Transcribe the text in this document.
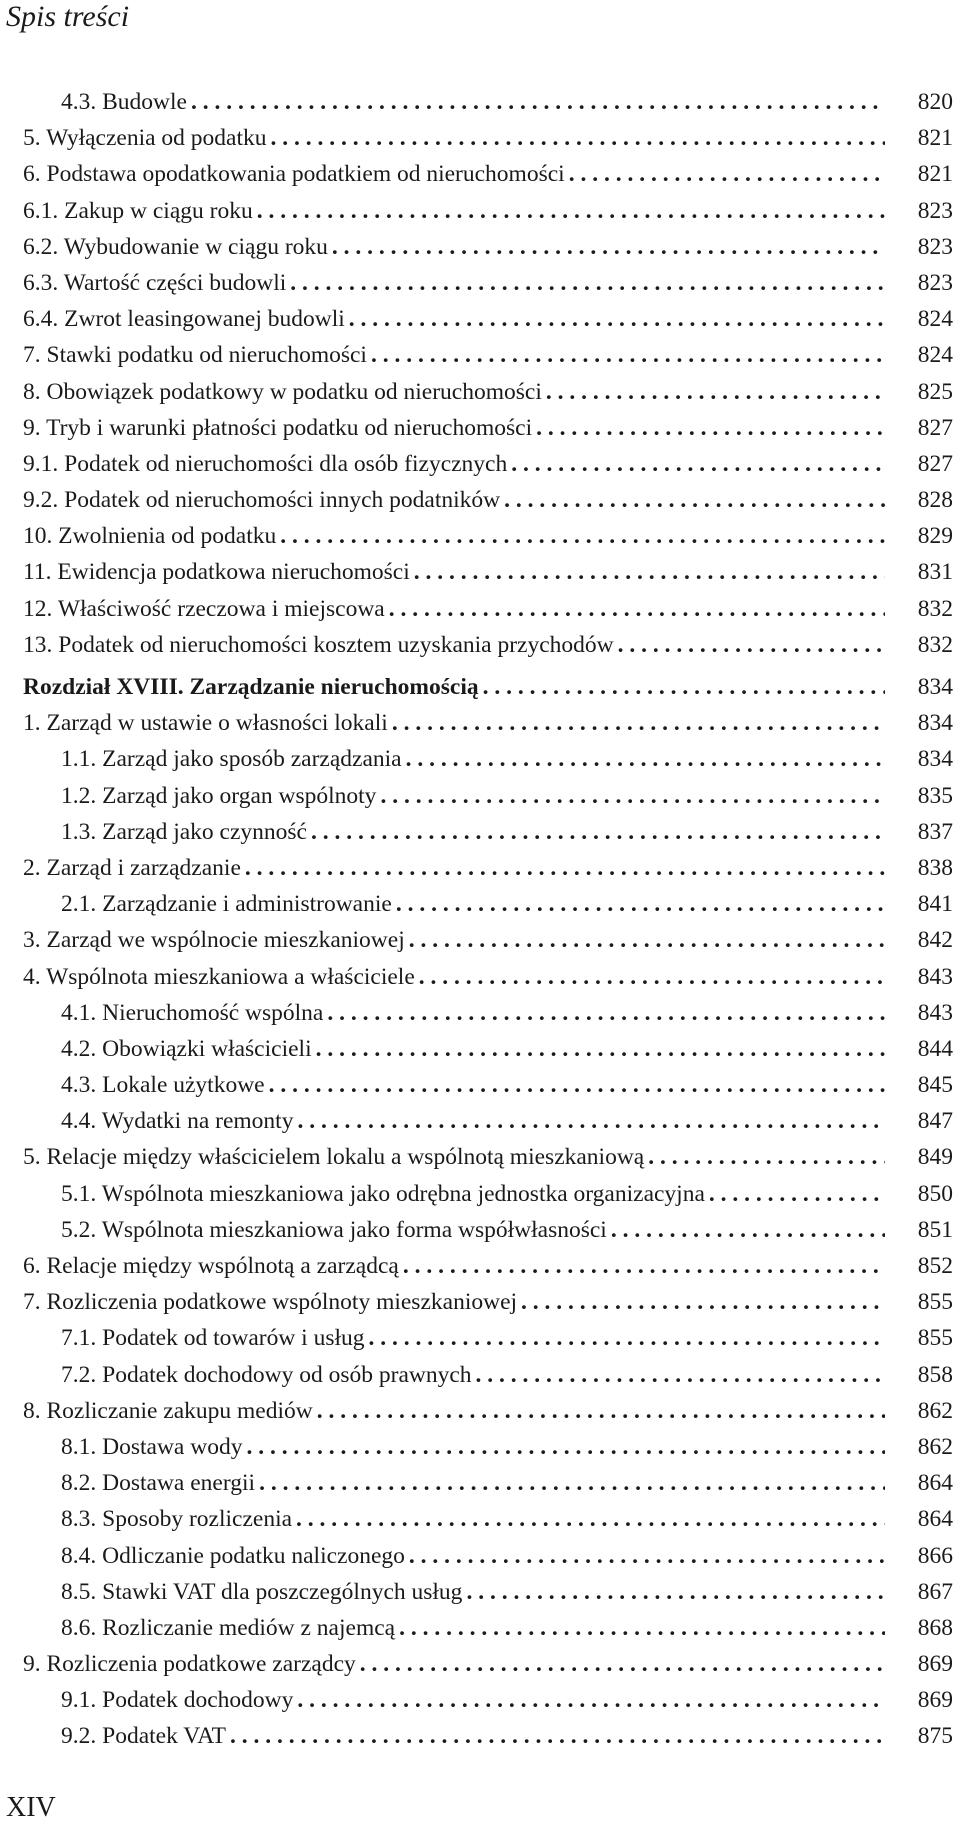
Spis treści
4.3. Budowle . . .	820
5. Wyłączenia od podatku . . .	821
6. Podstawa opodatkowania podatkiem od nieruchomości . . .	821
6.1. Zakup w ciągu roku . . .	823
6.2. Wybudowanie w ciągu roku . . .	823
6.3. Wartość części budowli . . .	823
6.4. Zwrot leasingowanej budowli . . .	824
7. Stawki podatku od nieruchomości . . .	824
8. Obowiązek podatkowy w podatku od nieruchomości . . .	825
9. Tryb i warunki płatności podatku od nieruchomości . . .	827
9.1. Podatek od nieruchomości dla osób fizycznych . . .	827
9.2. Podatek od nieruchomości innych podatników . . .	828
10. Zwolnienia od podatku . . .	829
11. Ewidencja podatkowa nieruchomości . . .	831
12. Właściwość rzeczowa i miejscowa . . .	832
13. Podatek od nieruchomości kosztem uzyskania przychodów . . .	832
Rozdział XVIII. Zarządzanie nieruchomością . . .	834
1. Zarząd w ustawie o własności lokali . . .	834
1.1. Zarząd jako sposób zarządzania . . .	834
1.2. Zarząd jako organ wspólnoty . . .	835
1.3. Zarząd jako czynność . . .	837
2. Zarząd i zarządzanie . . .	838
2.1. Zarządzanie i administrowanie . . .	841
3. Zarząd we wspólnocie mieszkaniowej . . .	842
4. Wspólnota mieszkaniowa a właściciele . . .	843
4.1. Nieruchomość wspólna . . .	843
4.2. Obowiązki właścicieli . . .	844
4.3. Lokale użytkowe . . .	845
4.4. Wydatki na remonty . . .	847
5. Relacje między właścicielem lokalu a wspólnotą mieszkaniową . . .	849
5.1. Wspólnota mieszkaniowa jako odrębna jednostka organizacyjna . . .	850
5.2. Wspólnota mieszkaniowa jako forma współwłasności . . .	851
6. Relacje między wspólnotą a zarządcą . . .	852
7. Rozliczenia podatkowe wspólnoty mieszkaniowej . . .	855
7.1. Podatek od towarów i usług . . .	855
7.2. Podatek dochodowy od osób prawnych . . .	858
8. Rozliczanie zakupu mediów . . .	862
8.1. Dostawa wody . . .	862
8.2. Dostawa energii . . .	864
8.3. Sposoby rozliczenia . . .	864
8.4. Odliczanie podatku naliczonego . . .	866
8.5. Stawki VAT dla poszczególnych usług . . .	867
8.6. Rozliczanie mediów z najemcą . . .	868
9. Rozliczenia podatkowe zarządcy . . .	869
9.1. Podatek dochodowy . . .	869
9.2. Podatek VAT . . .	875
XIV
